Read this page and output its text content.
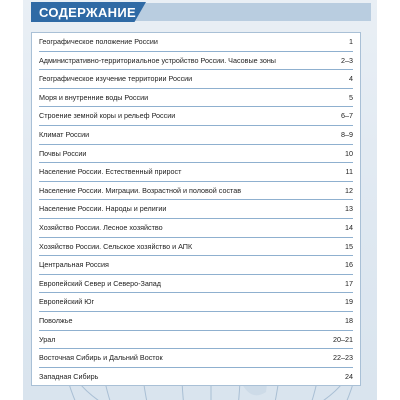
СОДЕРЖАНИЕ
Географическое положение России	1
Административно-территориальное устройство России. Часовые зоны	2–3
Географическое изучение территории России	4
Моря и внутренние воды России	5
Строение земной коры и рельеф России	6–7
Климат России	8–9
Почвы России	10
Население России. Естественный прирост	11
Население России. Миграции. Возрастной и половой состав	12
Население России. Народы и религии	13
Хозяйство России. Лесное хозяйство	14
Хозяйство России. Сельское хозяйство и АПК	15
Центральная Россия	16
Европейский Север и Северо-Запад	17
Европейский Юг	19
Поволжье	18
Урал	20–21
Восточная Сибирь и Дальний Восток	22–23
Западная Сибирь	24
